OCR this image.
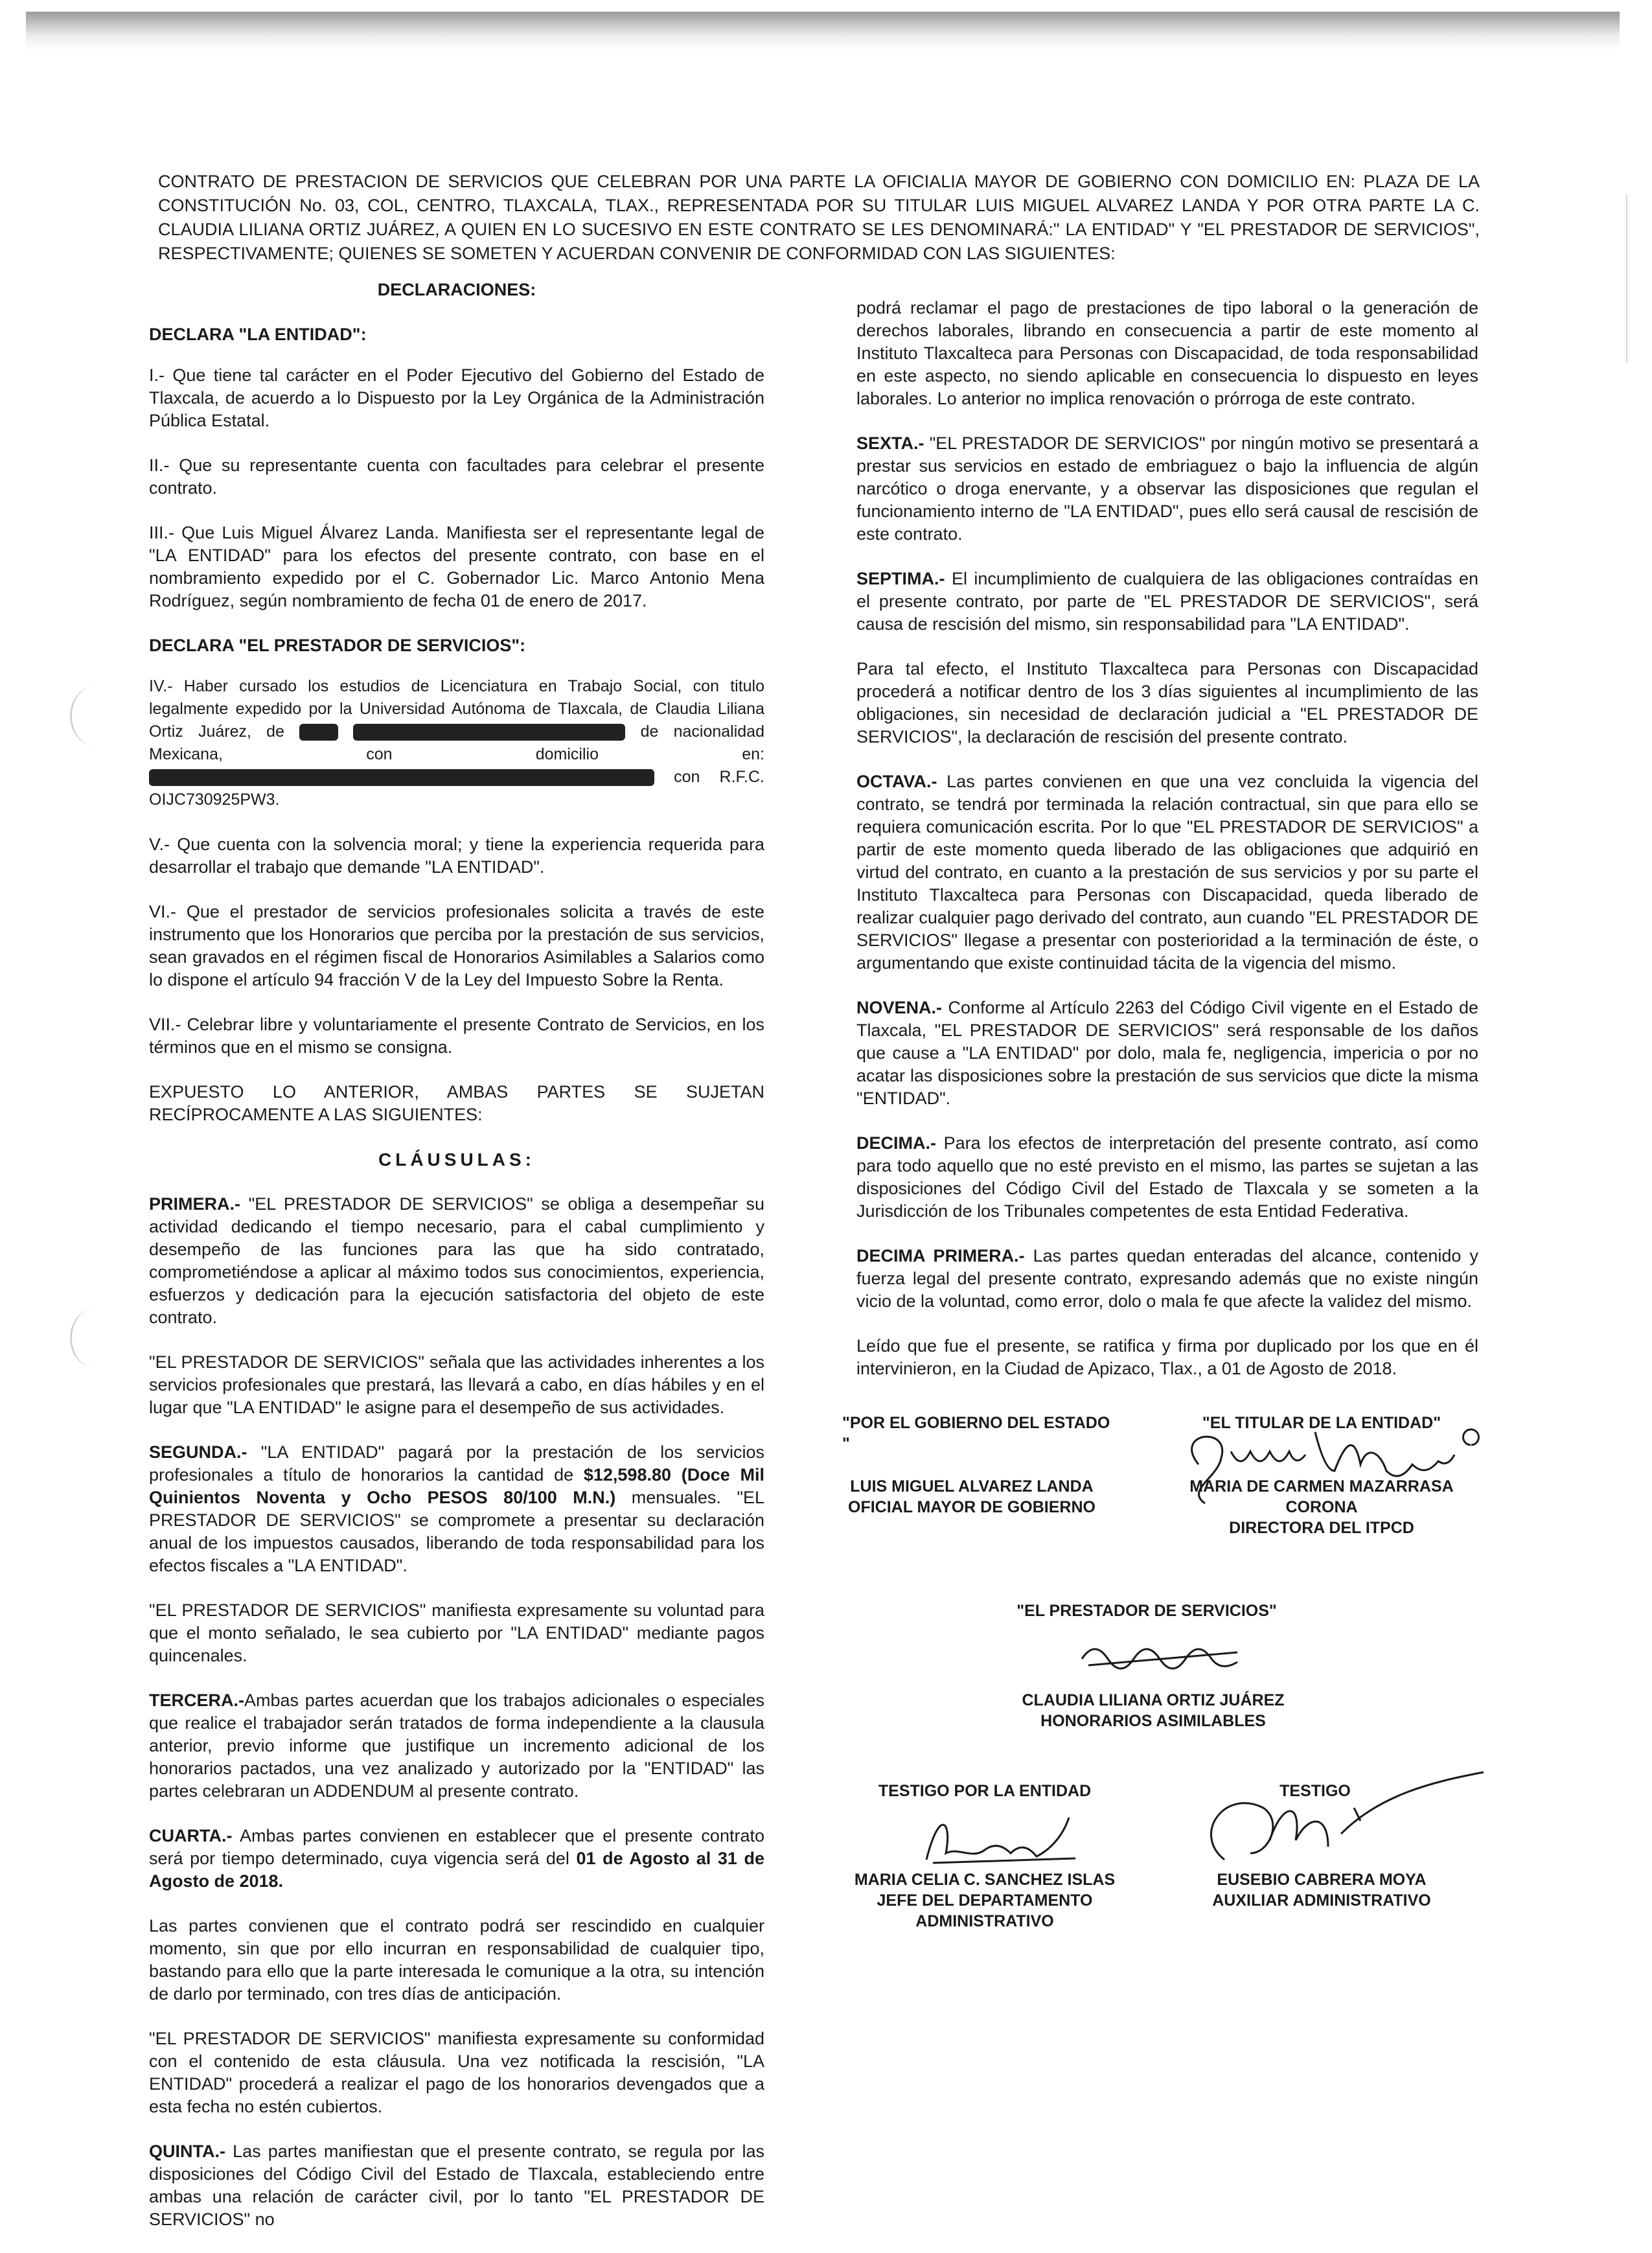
CONTRATO DE PRESTACION DE SERVICIOS QUE CELEBRAN POR UNA PARTE LA OFICIALIA MAYOR DE GOBIERNO CON DOMICILIO EN: PLAZA DE LA CONSTITUCIÓN No. 03, COL, CENTRO, TLAXCALA, TLAX., REPRESENTADA POR SU TITULAR LUIS MIGUEL ALVAREZ LANDA Y POR OTRA PARTE LA C. CLAUDIA LILIANA ORTIZ JUÁREZ, A QUIEN EN LO SUCESIVO EN ESTE CONTRATO SE LES DENOMINARÁ:" LA ENTIDAD" Y "EL PRESTADOR DE SERVICIOS", RESPECTIVAMENTE; QUIENES SE SOMETEN Y ACUERDAN CONVENIR DE CONFORMIDAD CON LAS SIGUIENTES:

DECLARACIONES:

DECLARA "LA ENTIDAD":

I.- Que tiene tal carácter en el Poder Ejecutivo del Gobierno del Estado de Tlaxcala, de acuerdo a lo Dispuesto por la Ley Orgánica de la Administración Pública Estatal.

II.- Que su representante cuenta con facultades para celebrar el presente contrato.

III.- Que Luis Miguel Álvarez Landa. Manifiesta ser el representante legal de "LA ENTIDAD" para los efectos del presente contrato, con base en el nombramiento expedido por el C. Gobernador Lic. Marco Antonio Mena Rodríguez, según nombramiento de fecha 01 de enero de 2017.

DECLARA "EL PRESTADOR DE SERVICIOS":

IV.- Haber cursado los estudios de Licenciatura en Trabajo Social, con titulo legalmente expedido por la Universidad Autónoma de Tlaxcala, de Claudia Liliana Ortiz Juárez, de	de nacionalidad Mexicana, con domicilio en:  con R.F.C. OIJC730925PW3.

V.- Que cuenta con la solvencia moral; y tiene la experiencia requerida para desarrollar el trabajo que demande "LA ENTIDAD".

VI.- Que el prestador de servicios profesionales solicita a través de este instrumento que los Honorarios que perciba por la prestación de sus servicios, sean gravados en el régimen fiscal de Honorarios Asimilables a Salarios como lo dispone el artículo 94 fracción V de la Ley del Impuesto Sobre la Renta.

VII.- Celebrar libre y voluntariamente el presente Contrato de Servicios, en los términos que en el mismo se consigna.

EXPUESTO LO ANTERIOR, AMBAS PARTES SE SUJETAN RECÍPROCAMENTE A LAS SIGUIENTES:

CLÁUSULAS:

PRIMERA.- "EL PRESTADOR DE SERVICIOS" se obliga a desempeñar su actividad dedicando el tiempo necesario, para el cabal cumplimiento y desempeño de las funciones para las que ha sido contratado, comprometiéndose a aplicar al máximo todos sus conocimientos, experiencia, esfuerzos y dedicación para la ejecución satisfactoria del objeto de este contrato.

"EL PRESTADOR DE SERVICIOS" señala que las actividades inherentes a los servicios profesionales que prestará, las llevará a cabo, en días hábiles y en el lugar que "LA ENTIDAD" le asigne para el desempeño de sus actividades.

SEGUNDA.- "LA ENTIDAD" pagará por la prestación de los servicios profesionales a título de honorarios la cantidad de $12,598.80 (Doce Mil Quinientos Noventa y Ocho PESOS 80/100 M.N.) mensuales. "EL PRESTADOR DE SERVICIOS" se compromete a presentar su declaración anual de los impuestos causados, liberando de toda responsabilidad para los efectos fiscales a "LA ENTIDAD".

"EL PRESTADOR DE SERVICIOS" manifiesta expresamente su voluntad para que el monto señalado, le sea cubierto por "LA ENTIDAD" mediante pagos quincenales.

TERCERA.-Ambas partes acuerdan que los trabajos adicionales o especiales que realice el trabajador serán tratados de forma independiente a la clausula anterior, previo informe que justifique un incremento adicional de los honorarios pactados, una vez analizado y autorizado por la "ENTIDAD" las partes celebraran un ADDENDUM al presente contrato.

CUARTA.- Ambas partes convienen en establecer que el presente contrato será por tiempo determinado, cuya vigencia será del 01 de Agosto al 31 de Agosto de 2018.

Las partes convienen que el contrato podrá ser rescindido en cualquier momento, sin que por ello incurran en responsabilidad de cualquier tipo, bastando para ello que la parte interesada le comunique a la otra, su intención de darlo por terminado, con tres días de anticipación.

"EL PRESTADOR DE SERVICIOS" manifiesta expresamente su conformidad con el contenido de esta cláusula. Una vez notificada la rescisión, "LA ENTIDAD" procederá a realizar el pago de los honorarios devengados que a esta fecha no estén cubiertos.

QUINTA.- Las partes manifiestan que el presente contrato, se regula por las disposiciones del Código Civil del Estado de Tlaxcala, estableciendo entre ambas una relación de carácter civil, por lo tanto "EL PRESTADOR DE SERVICIOS" no

podrá reclamar el pago de prestaciones de tipo laboral o la generación de derechos laborales, librando en consecuencia a partir de este momento al Instituto Tlaxcalteca para Personas con Discapacidad, de toda responsabilidad en este aspecto, no siendo aplicable en consecuencia lo dispuesto en leyes laborales. Lo anterior no implica renovación o prórroga de este contrato.

SEXTA.- "EL PRESTADOR DE SERVICIOS" por ningún motivo se presentará a prestar sus servicios en estado de embriaguez o bajo la influencia de algún narcótico o droga enervante, y a observar las disposiciones que regulan el funcionamiento interno de "LA ENTIDAD", pues ello será causal de rescisión de este contrato.

SEPTIMA.- El incumplimiento de cualquiera de las obligaciones contraídas en el presente contrato, por parte de "EL PRESTADOR DE SERVICIOS", será causa de rescisión del mismo, sin responsabilidad para "LA ENTIDAD".

Para tal efecto, el Instituto Tlaxcalteca para Personas con Discapacidad procederá a notificar dentro de los 3 días siguientes al incumplimiento de las obligaciones, sin necesidad de declaración judicial a "EL PRESTADOR DE SERVICIOS", la declaración de rescisión del presente contrato.

OCTAVA.- Las partes convienen en que una vez concluida la vigencia del contrato, se tendrá por terminada la relación contractual, sin que para ello se requiera comunicación escrita. Por lo que "EL PRESTADOR DE SERVICIOS" a partir de este momento queda liberado de las obligaciones que adquirió en virtud del contrato, en cuanto a la prestación de sus servicios y por su parte el Instituto Tlaxcalteca para Personas con Discapacidad, queda liberado de realizar cualquier pago derivado del contrato, aun cuando "EL PRESTADOR DE SERVICIOS" llegase a presentar con posterioridad a la terminación de éste, o argumentando que existe continuidad tácita de la vigencia del mismo.

NOVENA.- Conforme al Artículo 2263 del Código Civil vigente en el Estado de Tlaxcala, "EL PRESTADOR DE SERVICIOS" será responsable de los daños que cause a "LA ENTIDAD" por dolo, mala fe, negligencia, impericia o por no acatar las disposiciones sobre la prestación de sus servicios que dicte la misma "ENTIDAD".

DECIMA.- Para los efectos de interpretación del presente contrato, así como para todo aquello que no esté previsto en el mismo, las partes se sujetan a las disposiciones del Código Civil del Estado de Tlaxcala y se someten a la Jurisdicción de los Tribunales competentes de esta Entidad Federativa.

DECIMA PRIMERA.- Las partes quedan enteradas del alcance, contenido y fuerza legal del presente contrato, expresando además que no existe ningún vicio de la voluntad, como error, dolo o mala fe que afecte la validez del mismo.

Leído que fue el presente, se ratifica y firma por duplicado por los que en él intervinieron, en la Ciudad de Apizaco, Tlax., a 01 de Agosto de 2018.

"POR EL GOBIERNO DEL ESTADO "
LUIS MIGUEL ALVAREZ LANDA
OFICIAL MAYOR DE GOBIERNO
"EL TITULAR DE LA ENTIDAD"
MARIA DE CARMEN MAZARRASA
CORONA
DIRECTORA DEL ITPCD
"EL PRESTADOR DE SERVICIOS"
CLAUDIA LILIANA ORTIZ JUÁREZ
HONORARIOS ASIMILABLES
TESTIGO POR LA ENTIDAD
MARIA CELIA C. SANCHEZ ISLAS
JEFE DEL DEPARTAMENTO
ADMINISTRATIVO
TESTIGO
EUSEBIO CABRERA MOYA
AUXILIAR ADMINISTRATIVO
